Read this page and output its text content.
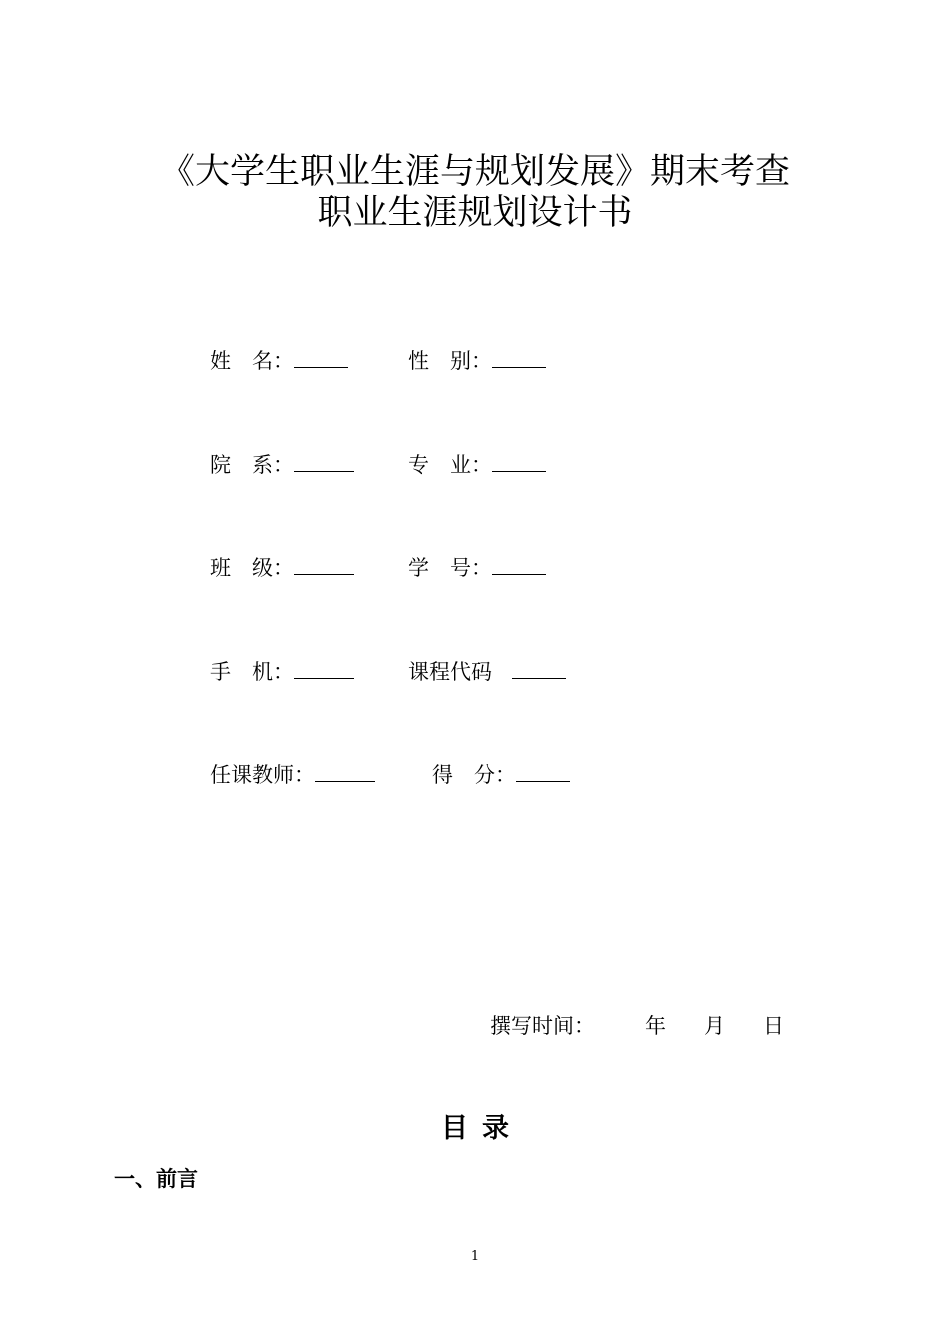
《大学生职业生涯与规划发展》期末考查
职业生涯规划设计书
姓　名：	性　别：
院　系：	专　业：
班　级：	学　号：
手　机：	课程代码
任课教师：	得　分：
撰写时间： 年 月 日
目录
一、前言
1
